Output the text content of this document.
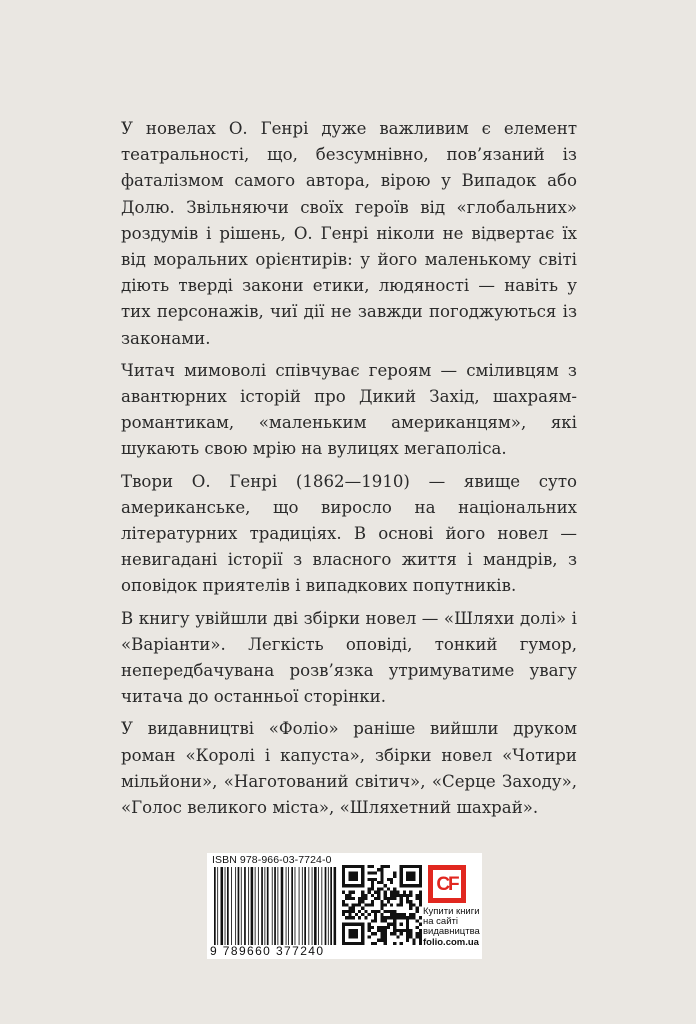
У новелах О. Генрі дуже важливим є елемент театральності, що, безсумнівно, пов’язаний із фаталізмом самого автора, вірою у Випадок або Долю. Звільняючи своїх героїв від «глобальних» роздумів і рішень, О. Генрі ніколи не відвертає їх від моральних орієнтирів: у його маленькому світі діють тверді закони етики, людяності — навіть у тих персонажів, чиї дії не завжди погоджуються із законами.

Читач мимоволі співчуває героям — сміливцям з авантюрних історій про Дикий Захід, шахраям-романтикам, «маленьким американцям», які шукають свою мрію на вулицях мегаполіса.

Твори О. Генрі (1862—1910) — явище суто американське, що виросло на національних літературних традиціях. В основі його новел — невигадані історії з власного життя і мандрів, з оповідок приятелів і випадкових попутників.

В книгу увійшли дві збірки новел — «Шляхи долі» і «Варіанти». Легкість оповіді, тонкий гумор, непередбачувана розв’язка утримуватиме увагу читача до останньої сторінки.

У видавництві «Фоліо» раніше вийшли друком роман «Королі і капуста», збірки новел «Чотири мільйони», «Наготований світич», «Серце Заходу», «Голос великого міста», «Шляхетний шахрай».

ISBN 978-966-03-7724-0
9 789660 377240
CF
Купити книги
на сайті
видавництва
folio.com.ua
